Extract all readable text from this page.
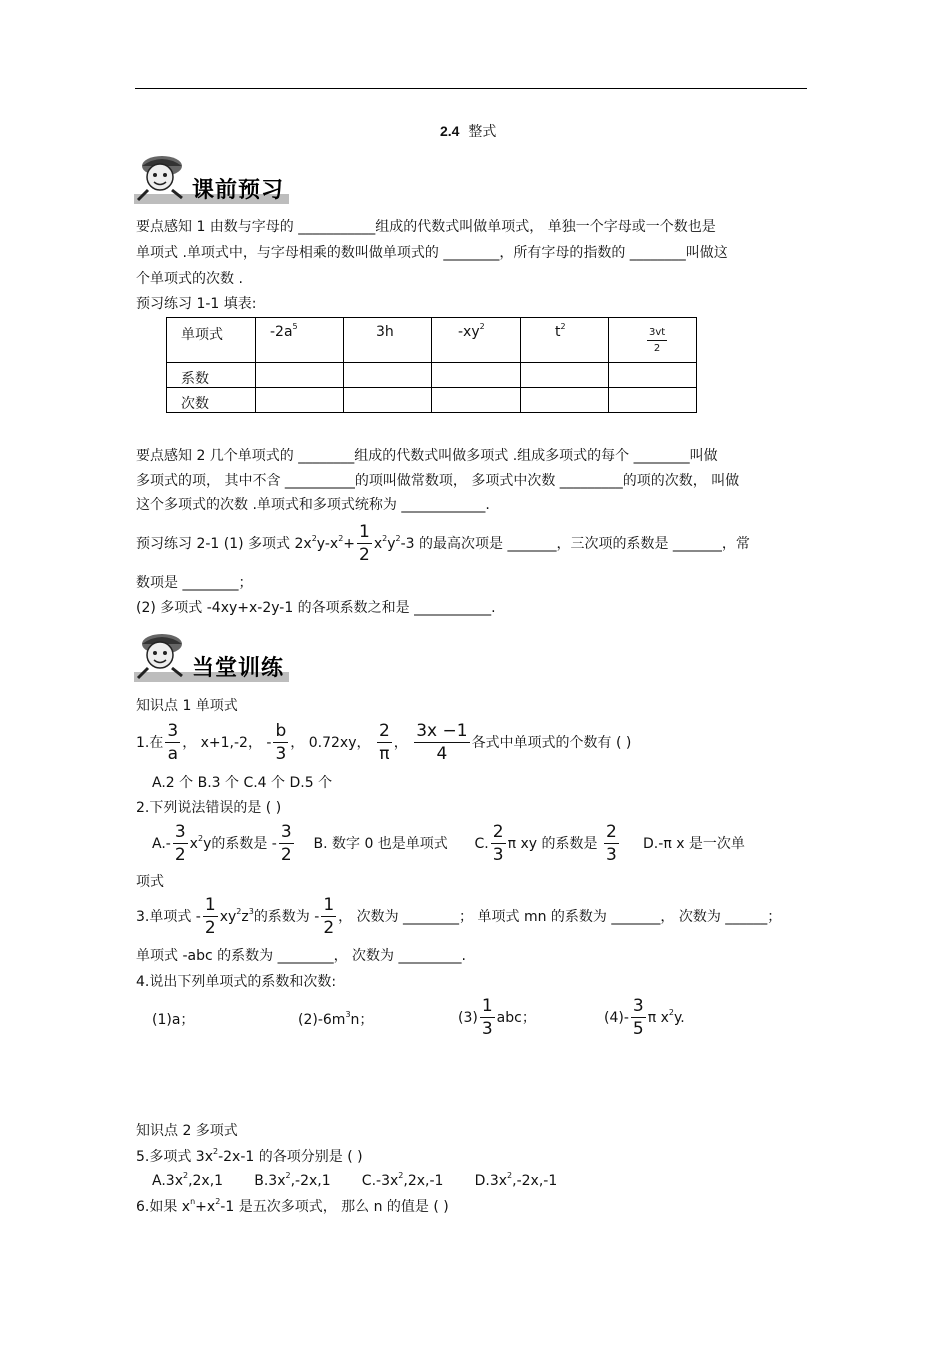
2.4 整式
课前预习
要点感知 1 由数与字母的 ___________组成的代数式叫做单项式， 单独一个字母或一个数也是
单项式 .单项式中，与字母相乘的数叫做单项式的 ________，所有字母的指数的 ________叫做这
个单项式的次数 .
预习练习 1-1 填表:
单项式	$-2a^5$	3h	$-xy^2$	$t^2$	$\frac{3vt}{2}$

系数					

次数					

要点感知 2 几个单项式的 ________组成的代数式叫做多项式 .组成多项式的每个 ________叫做
多项式的项， 其中不含 __________的项叫做常数项， 多项式中次数 _________的项的次数， 叫做
这个多项式的次数 .单项式和多项式统称为 ____________.
预习练习 2-1 (1) 多项式 $2x^2y-x^2+ \frac{1}{2} x^2y^2-3$ 的最高次项是 _______，三次项的系数是 _______，常
数项是 ________；
(2) 多项式 -4xy+x-2y-1 的各项系数之和是 ___________.
当堂训练
知识点 1 单项式
1.在 $\frac{3}{a}$ ， x+1,-2， - $\frac{b}{3}$ ， 0.72xy， $\frac{2}{\pi}$ ， $\frac{3x -1}{4}$ 各式中单项式的个数有 ( )
A.2 个 B.3 个 C.4 个 D.5 个
2.下列说法错误的是 ( )
$A.- \frac{3}{2} x^2y$的系数是 - $\frac{3}{2} B$. 数字 0 也是单项式 C. $\frac{2}{3}$ π xy 的系数是 $\frac{2}{3} D.-\pi$ x 是一次单
项式
3.单项式 - $\frac{1}{2} xy^2z^3$的系数为 - $\frac{1}{2}$ ， 次数为 ________； 单项式 mn 的系数为 _______， 次数为 ______；
单项式 -abc 的系数为 ________， 次数为 _________.
4.说出下列单项式的系数和次数:
(1)a；	$(2)-6m^3n$；	$(3) \frac{1}{3}$ abc；	$(4)- \frac{3}{5}$ π $x^2y$.
知识点 2 多项式
5.多项式 $3x^2-2x-1$ 的各项分别是 ( )
$A.3x^2,2x,1$ $B.3x^2,-2x,1$ $C.-3x^2,2x,-1$ $D.3x^2,-2x,-1$
6.如果 $x^n+x^2-1$ 是五次多项式， 那么 n 的值是 ( )
